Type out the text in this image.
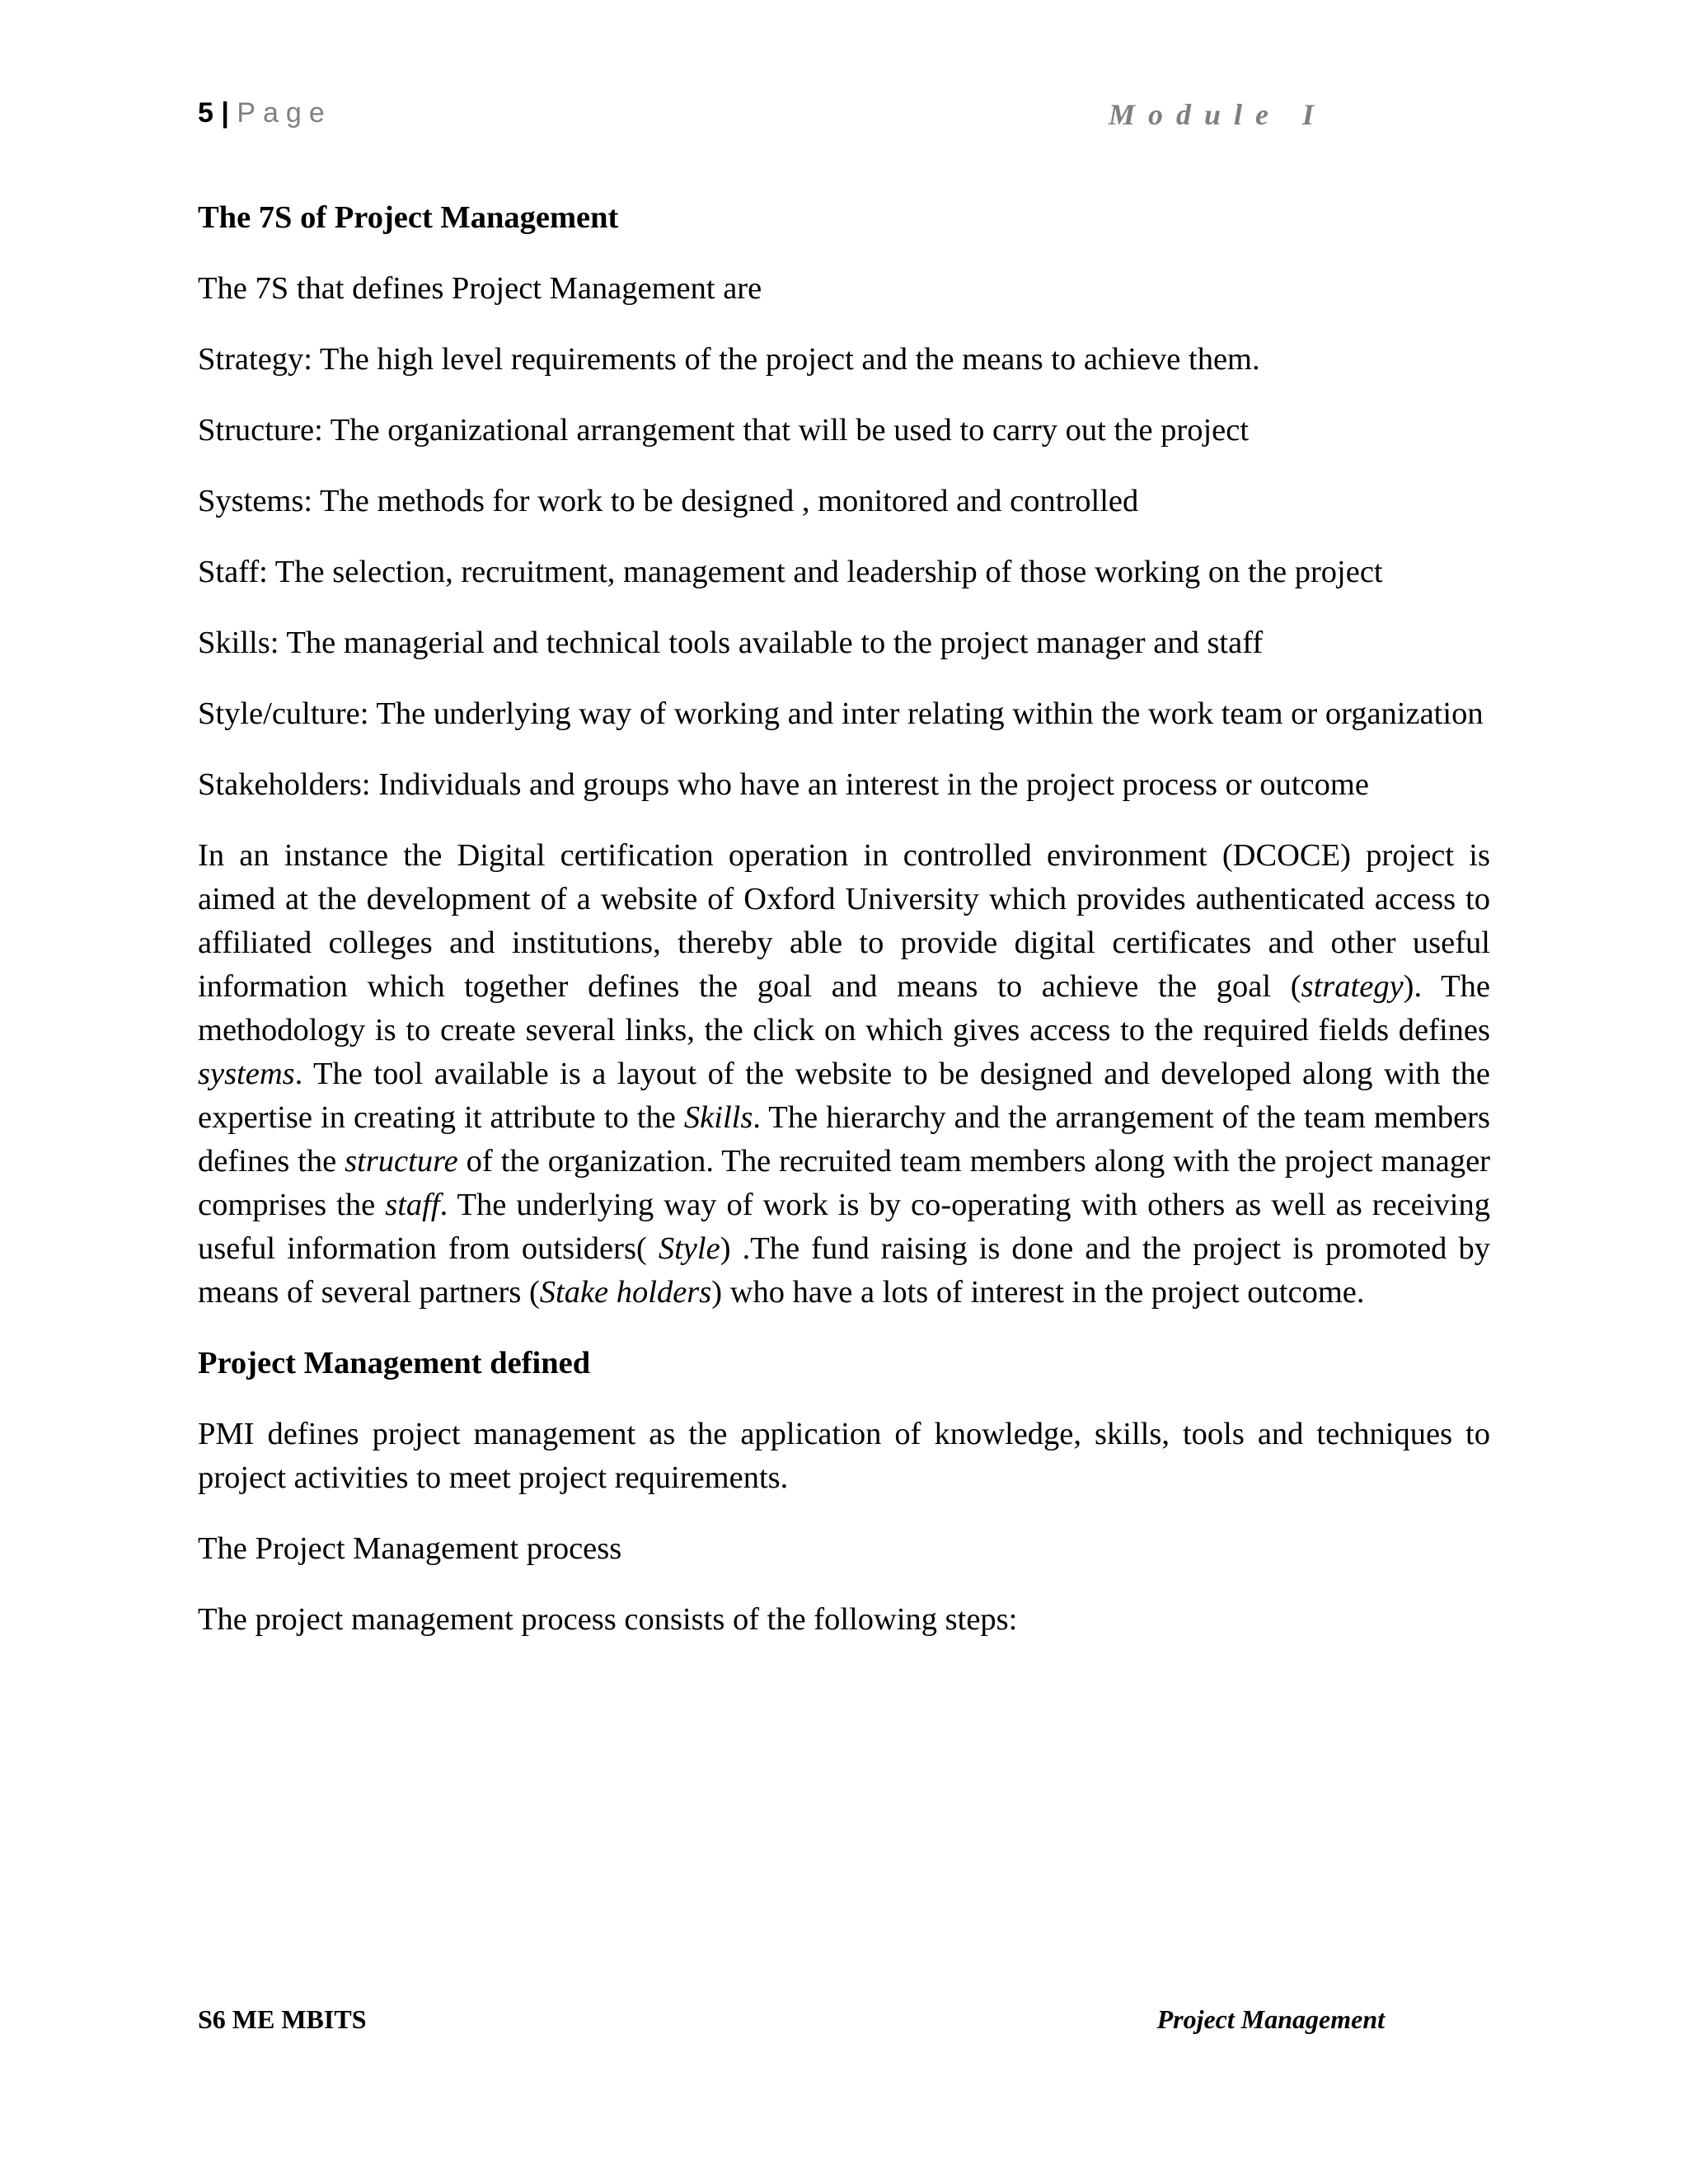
5 | Page	Module I
The 7S of Project Management

The 7S that defines Project Management are

Strategy: The high level requirements of the project and the means to achieve them.

Structure: The organizational arrangement that will be used to carry out the project

Systems: The methods for work to be designed , monitored and controlled

Staff: The selection, recruitment, management and leadership of those working on the project

Skills: The managerial and technical tools available to the project manager and staff

Style/culture: The underlying way of working and inter relating within the work team or organization

Stakeholders: Individuals and groups who have an interest in the project process or outcome

In an instance the Digital certification operation in controlled environment (DCOCE) project is aimed at the development of a website of Oxford University which provides authenticated access to affiliated colleges and institutions, thereby able to provide digital certificates and other useful information which together defines the goal and means to achieve the goal (strategy). The methodology is to create several links, the click on which gives access to the required fields defines systems. The tool available is a layout of the website to be designed and developed along with the expertise in creating it attribute to the Skills. The hierarchy and the arrangement of the team members defines the structure of the organization. The recruited team members along with the project manager comprises the staff. The underlying way of work is by co-operating with others as well as receiving useful information from outsiders( Style) .The fund raising is done and the project is promoted by means of several partners (Stake holders) who have a lots of interest in the project outcome.

Project Management defined

PMI defines project management as the application of knowledge, skills, tools and techniques to project activities to meet project requirements.

The Project Management process

The project management process consists of the following steps:

S6 ME MBITS	Project Management
